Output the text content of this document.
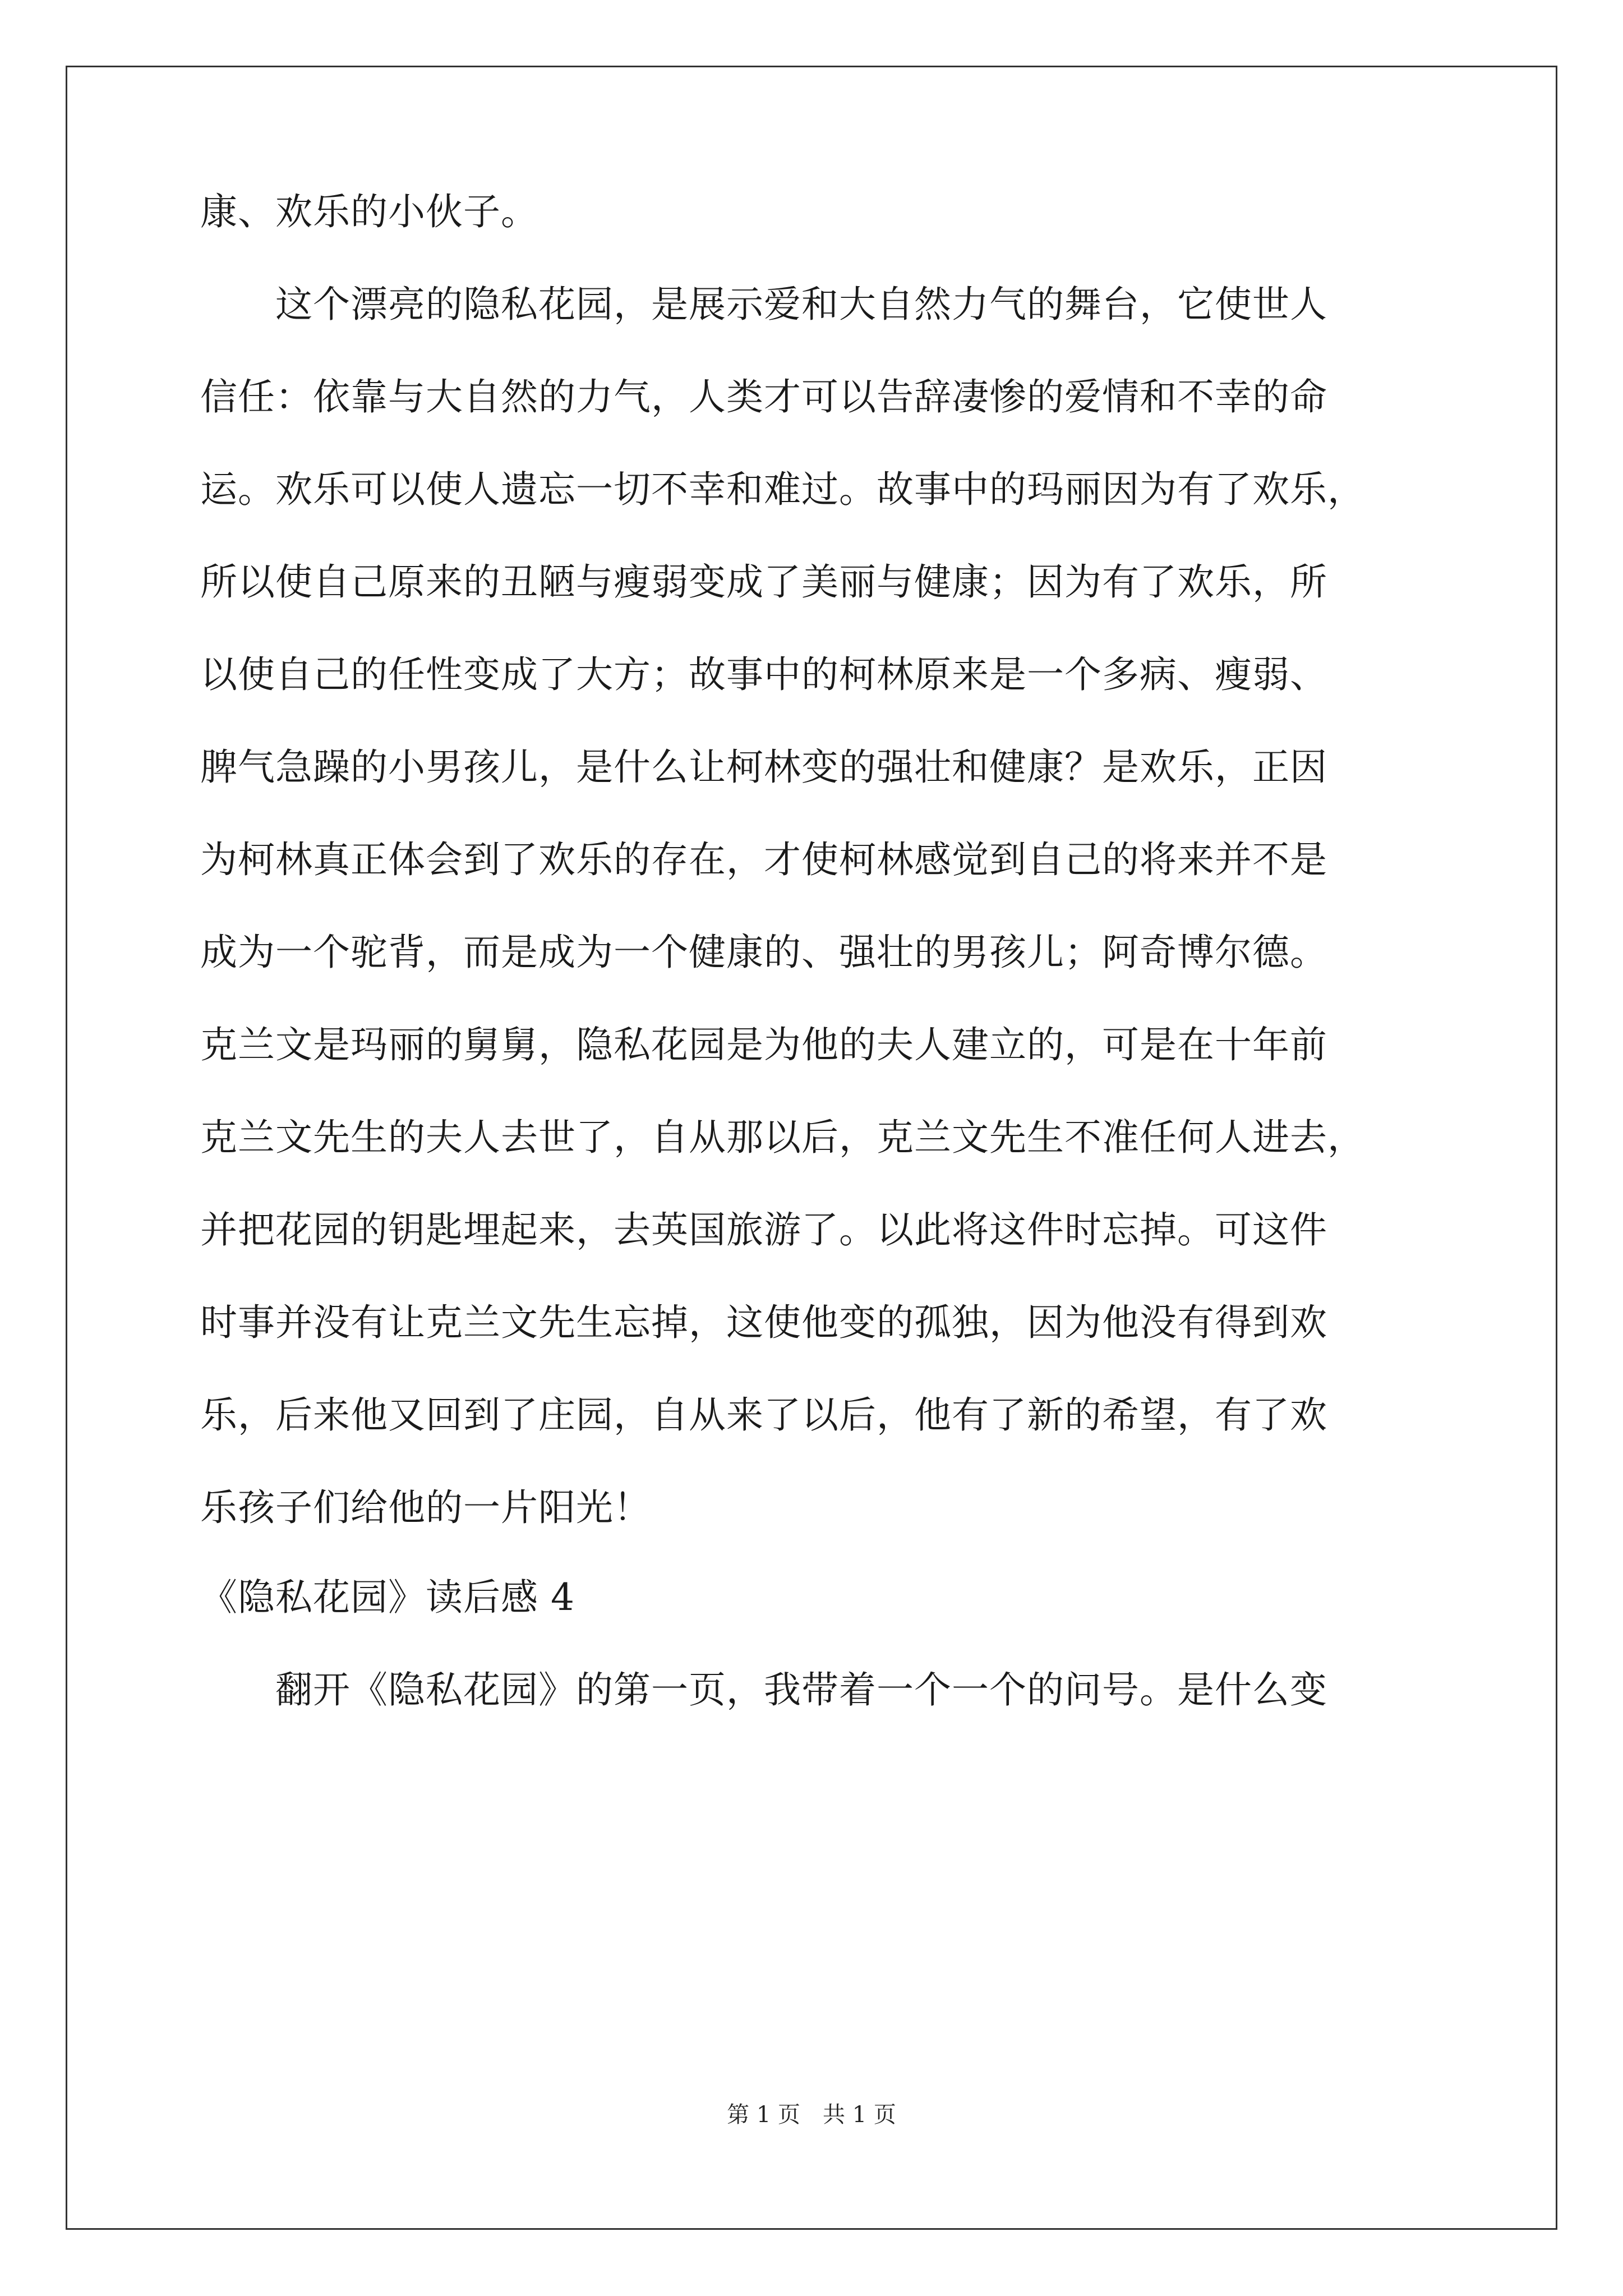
康、欢乐的小伙子。
　　这个漂亮的隐私花园，是展示爱和大自然力气的舞台，它使世人
信任：依靠与大自然的力气，人类才可以告辞凄惨的爱情和不幸的命
运。欢乐可以使人遗忘一切不幸和难过。故事中的玛丽因为有了欢乐，
所以使自己原来的丑陋与瘦弱变成了美丽与健康；因为有了欢乐，所
以使自己的任性变成了大方；故事中的柯林原来是一个多病、瘦弱、
脾气急躁的小男孩儿，是什么让柯林变的强壮和健康？是欢乐，正因
为柯林真正体会到了欢乐的存在，才使柯林感觉到自己的将来并不是
成为一个驼背，而是成为一个健康的、强壮的男孩儿；阿奇博尔德。
克兰文是玛丽的舅舅，隐私花园是为他的夫人建立的，可是在十年前
克兰文先生的夫人去世了，自从那以后，克兰文先生不准任何人进去，
并把花园的钥匙埋起来，去英国旅游了。以此将这件时忘掉。可这件
时事并没有让克兰文先生忘掉，这使他变的孤独，因为他没有得到欢
乐，后来他又回到了庄园，自从来了以后，他有了新的希望，有了欢
乐孩子们给他的一片阳光！
《隐私花园》读后感 4
　　翻开《隐私花园》的第一页，我带着一个一个的问号。是什么变
第 1 页　共 1 页
